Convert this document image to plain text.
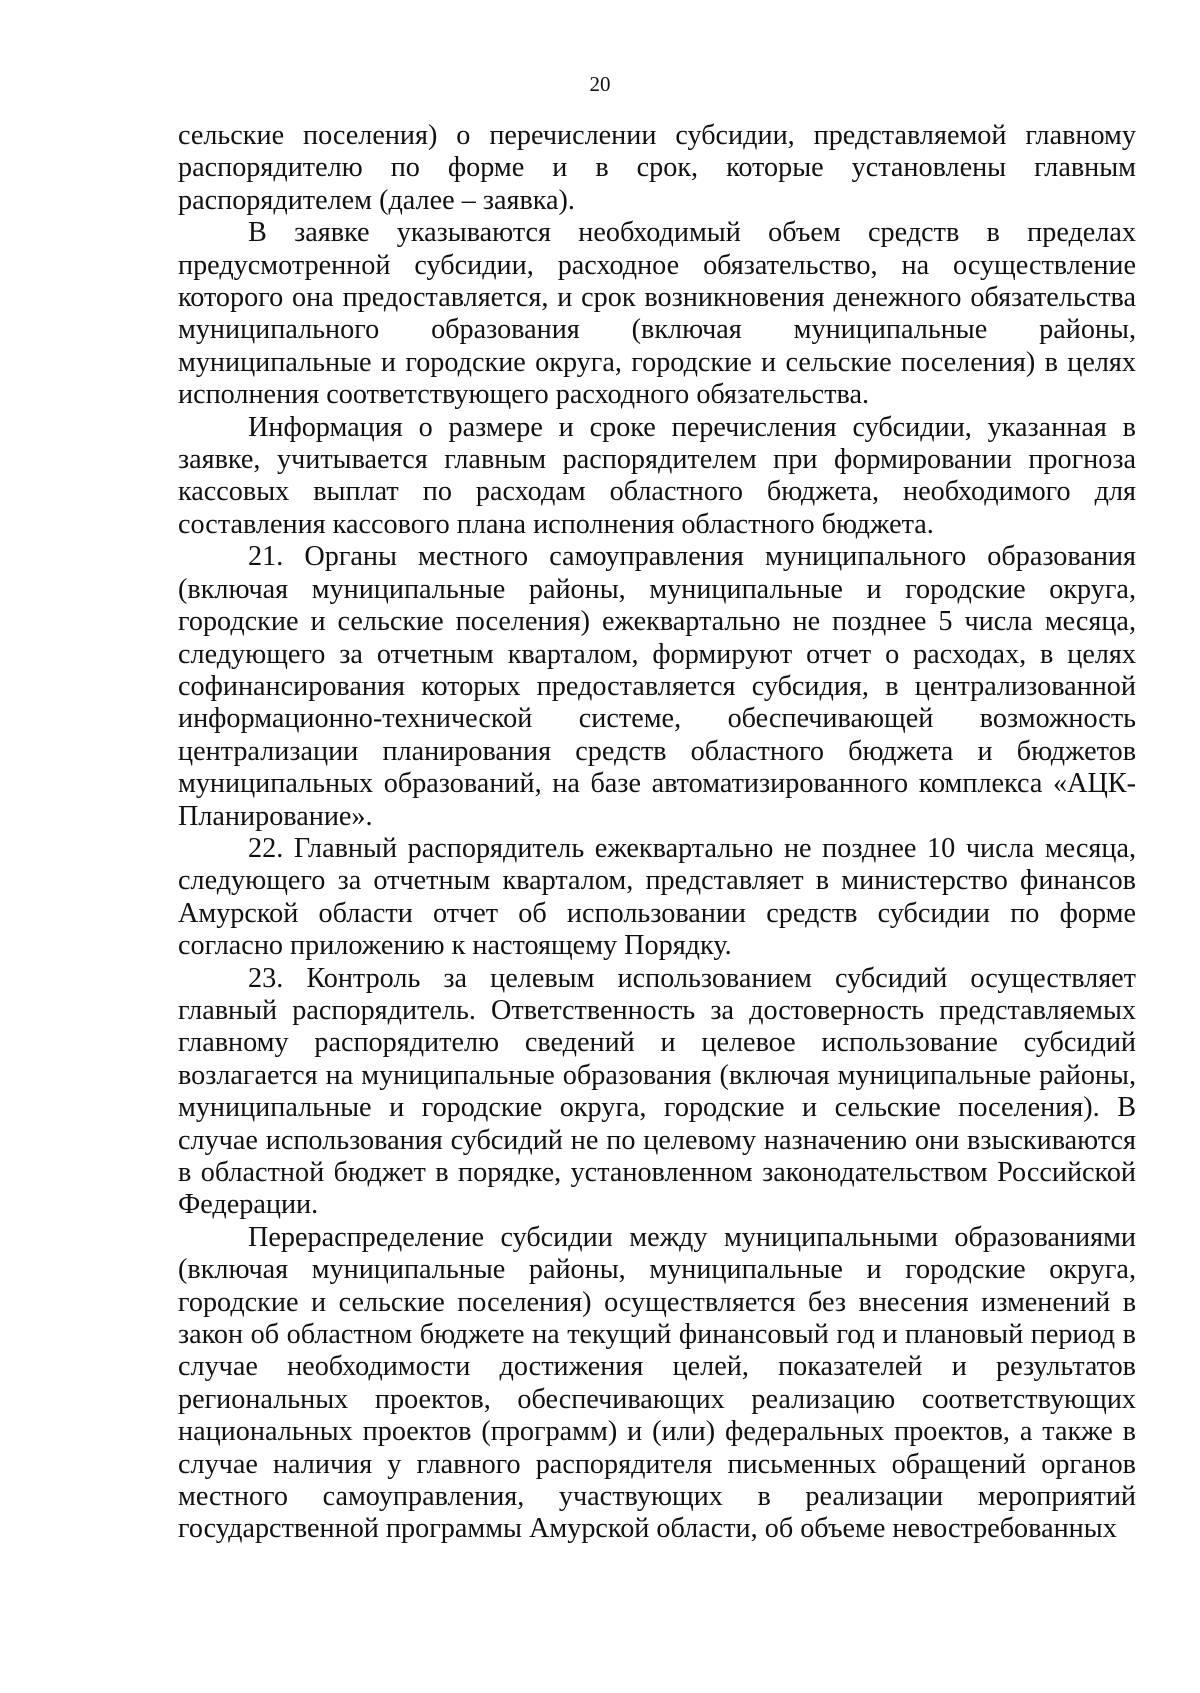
20

сельские поселения) о перечислении субсидии, представляемой главному распорядителю по форме и в срок, которые установлены главным распорядителем (далее – заявка).

В заявке указываются необходимый объем средств в пределах предусмотренной субсидии, расходное обязательство, на осуществление которого она предоставляется, и срок возникновения денежного обязательства муниципального образования (включая муниципальные районы, муниципальные и городские округа, городские и сельские поселения) в целях исполнения соответствующего расходного обязательства.

Информация о размере и сроке перечисления субсидии, указанная в заявке, учитывается главным распорядителем при формировании прогноза кассовых выплат по расходам областного бюджета, необходимого для составления кассового плана исполнения областного бюджета.

21. Органы местного самоуправления муниципального образования (включая муниципальные районы, муниципальные и городские округа, городские и сельские поселения) ежеквартально не позднее 5 числа месяца, следующего за отчетным кварталом, формируют отчет о расходах, в целях софинансирования которых предоставляется субсидия, в централизованной информационно-технической системе, обеспечивающей возможность централизации планирования средств областного бюджета и бюджетов муниципальных образований, на базе автоматизированного комплекса «АЦК-Планирование».

22. Главный распорядитель ежеквартально не позднее 10 числа месяца, следующего за отчетным кварталом, представляет в министерство финансов Амурской области отчет об использовании средств субсидии по форме согласно приложению к настоящему Порядку.

23. Контроль за целевым использованием субсидий осуществляет главный распорядитель. Ответственность за достоверность представляемых главному распорядителю сведений и целевое использование субсидий возлагается на муниципальные образования (включая муниципальные районы, муниципальные и городские округа, городские и сельские поселения). В случае использования субсидий не по целевому назначению они взыскиваются в областной бюджет в порядке, установленном законодательством Российской Федерации.

Перераспределение субсидии между муниципальными образованиями (включая муниципальные районы, муниципальные и городские округа, городские и сельские поселения) осуществляется без внесения изменений в закон об областном бюджете на текущий финансовый год и плановый период в случае необходимости достижения целей, показателей и результатов региональных проектов, обеспечивающих реализацию соответствующих национальных проектов (программ) и (или) федеральных проектов, а также в случае наличия у главного распорядителя письменных обращений органов местного самоуправления, участвующих в реализации мероприятий государственной программы Амурской области, об объеме невостребованных
